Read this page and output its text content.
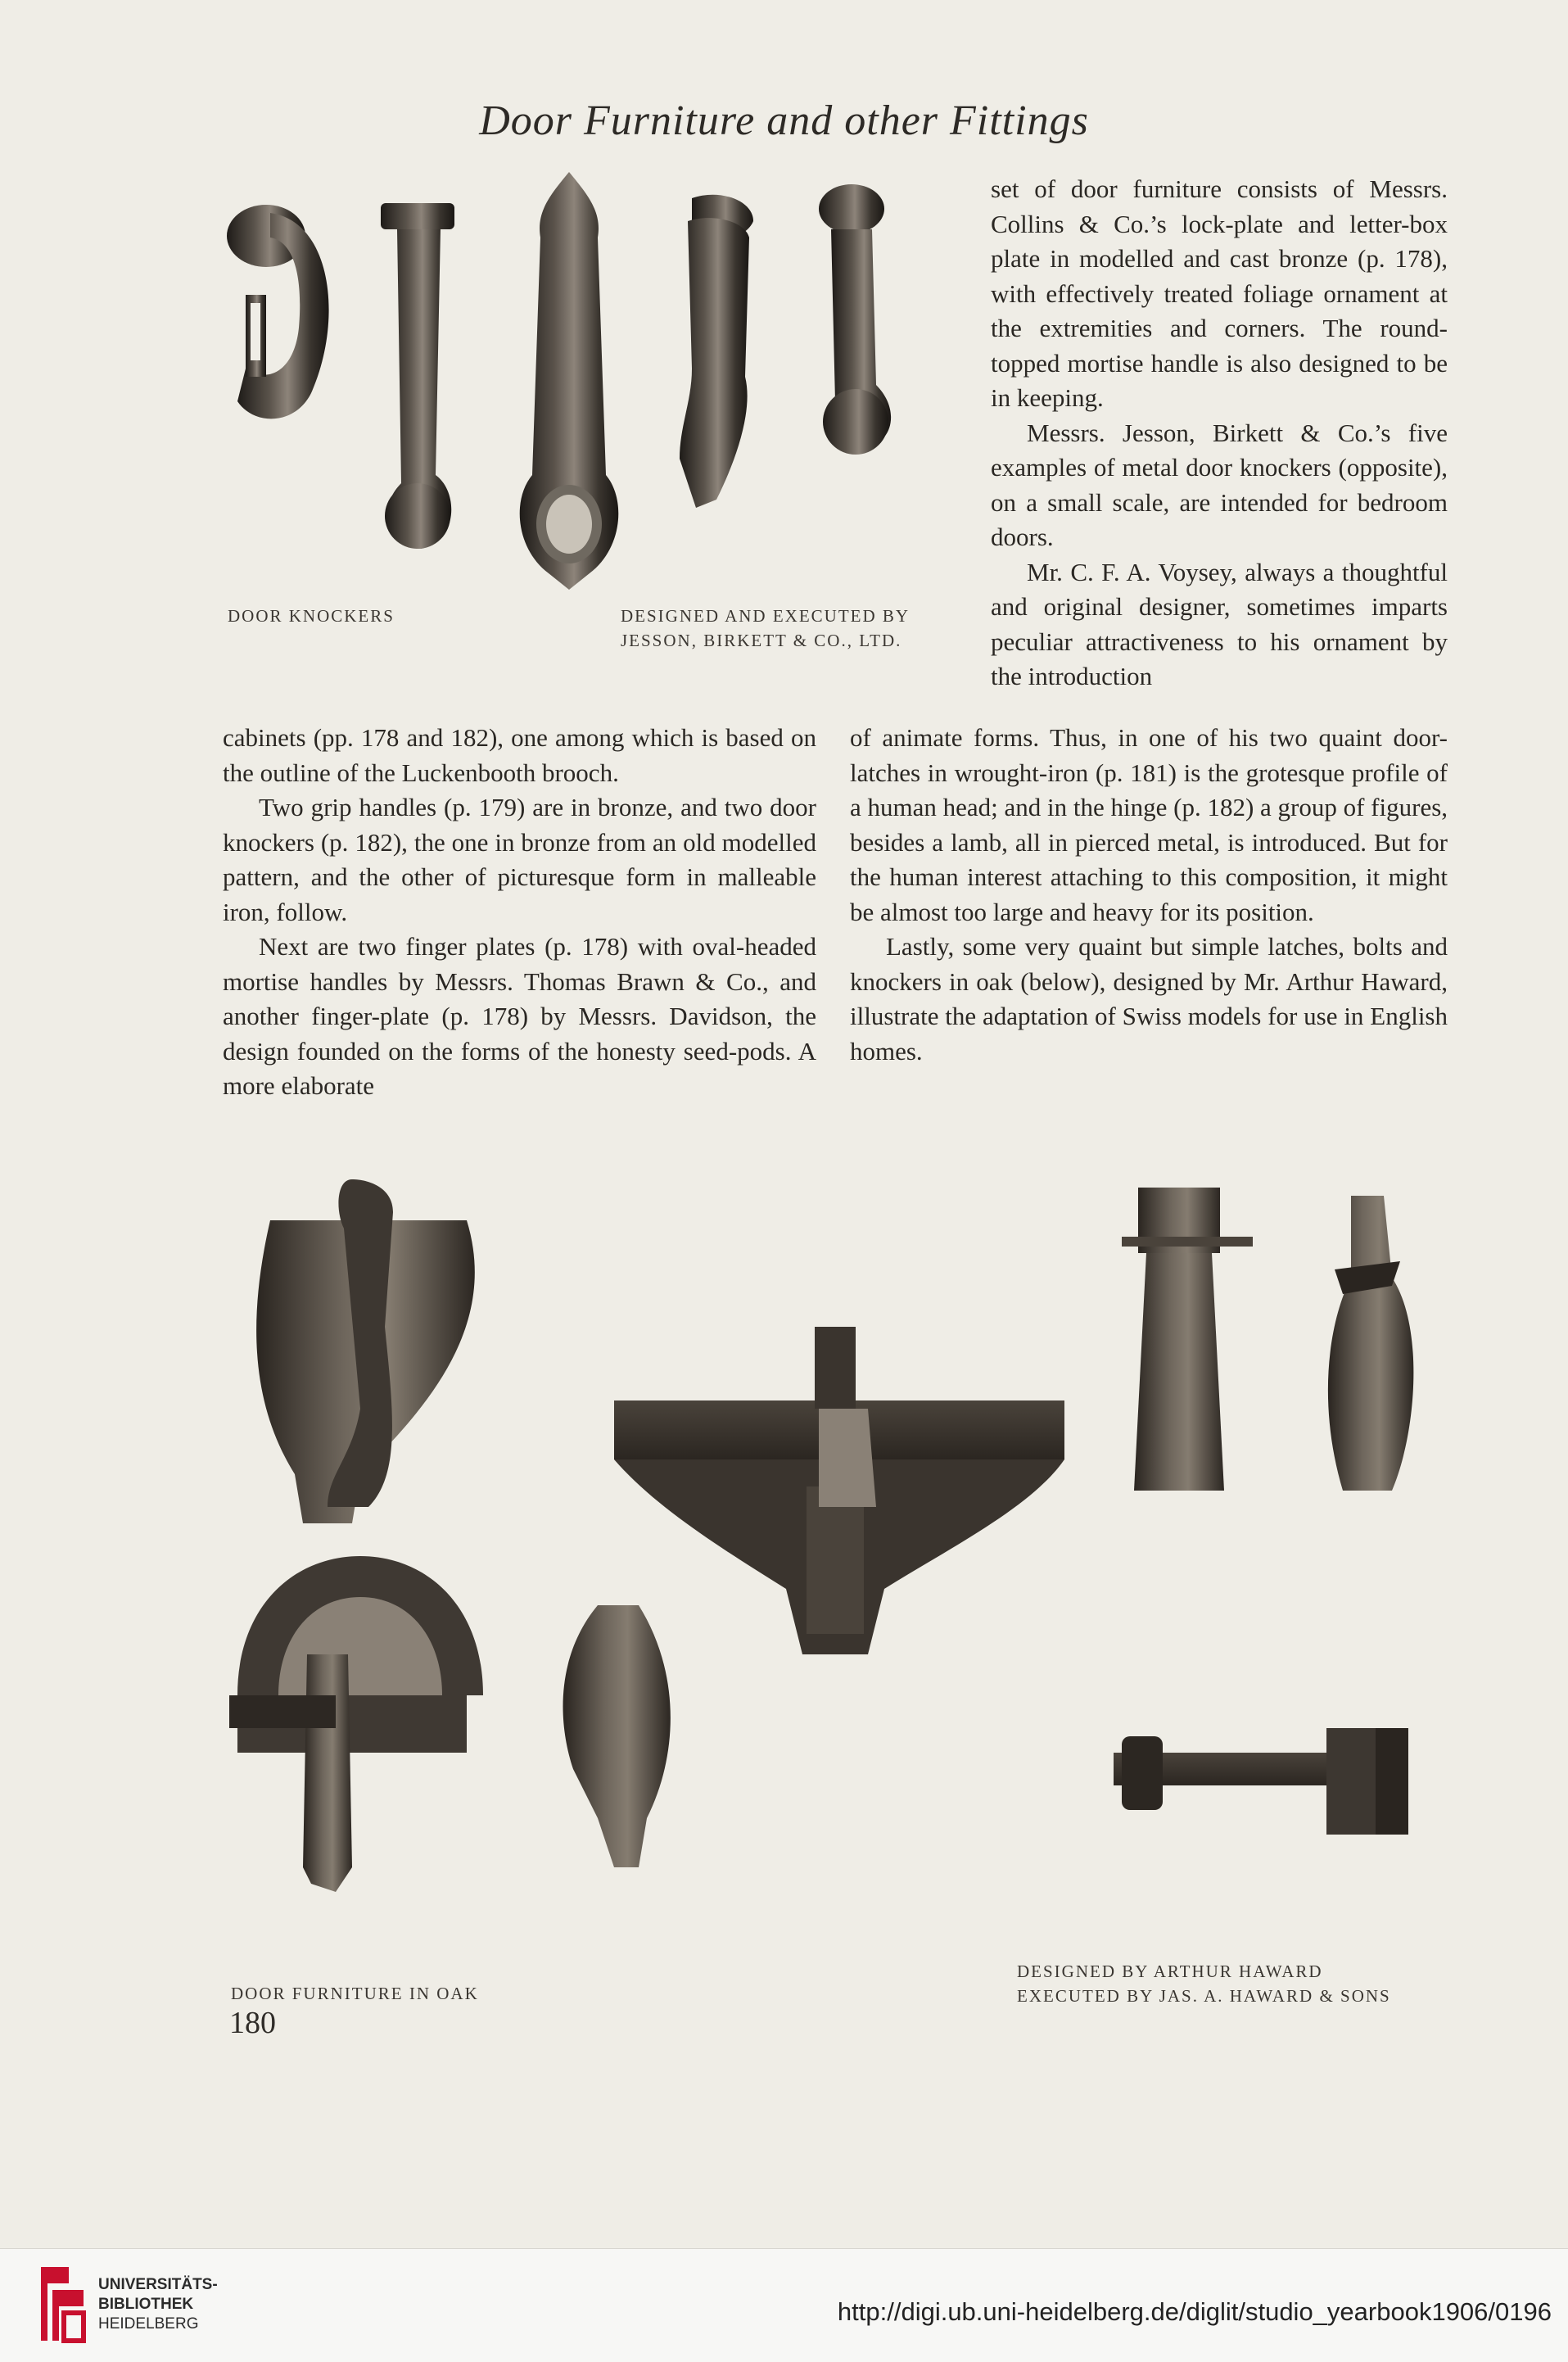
Door Furniture and other Fittings
DOOR KNOCKERS	DESIGNED AND EXECUTED BY
JESSON, BIRKETT & CO., LTD.

set of door furniture consists of Messrs. Collins & Co.’s lock-plate and letter-box plate in modelled and cast bronze (p. 178), with effectively treated foliage ornament at the extremities and corners. The round-topped mortise handle is also designed to be in keeping.

Messrs. Jesson, Birkett & Co.’s five examples of metal door knockers (opposite), on a small scale, are intended for bedroom doors.

Mr. C. F. A. Voysey, always a thoughtful and original designer, sometimes imparts peculiar attractiveness to his ornament by the introduction

cabinets (pp. 178 and 182), one among which is based on the outline of the Luckenbooth brooch.

Two grip handles (p. 179) are in bronze, and two door knockers (p. 182), the one in bronze from an old modelled pattern, and the other of picturesque form in malleable iron, follow.

Next are two finger plates (p. 178) with oval-headed mortise handles by Messrs. Thomas Brawn & Co., and another finger-plate (p. 178) by Messrs. Davidson, the design founded on the forms of the honesty seed-pods. A more elaborate

of animate forms. Thus, in one of his two quaint door-latches in wrought-iron (p. 181) is the grotesque profile of a human head; and in the hinge (p. 182) a group of figures, besides a lamb, all in pierced metal, is introduced. But for the human interest attaching to this composition, it might be almost too large and heavy for its position.

Lastly, some very quaint but simple latches, bolts and knockers in oak (below), designed by Mr. Arthur Haward, illustrate the adaptation of Swiss models for use in English homes.

DOOR FURNITURE IN OAK
DESIGNED BY ARTHUR HAWARD
EXECUTED BY JAS. A. HAWARD & SONS
180
UNIVERSITÄTS-
BIBLIOTHEK
HEIDELBERG	http://digi.ub.uni-heidelberg.de/diglit/studio_yearbook1906/0196
